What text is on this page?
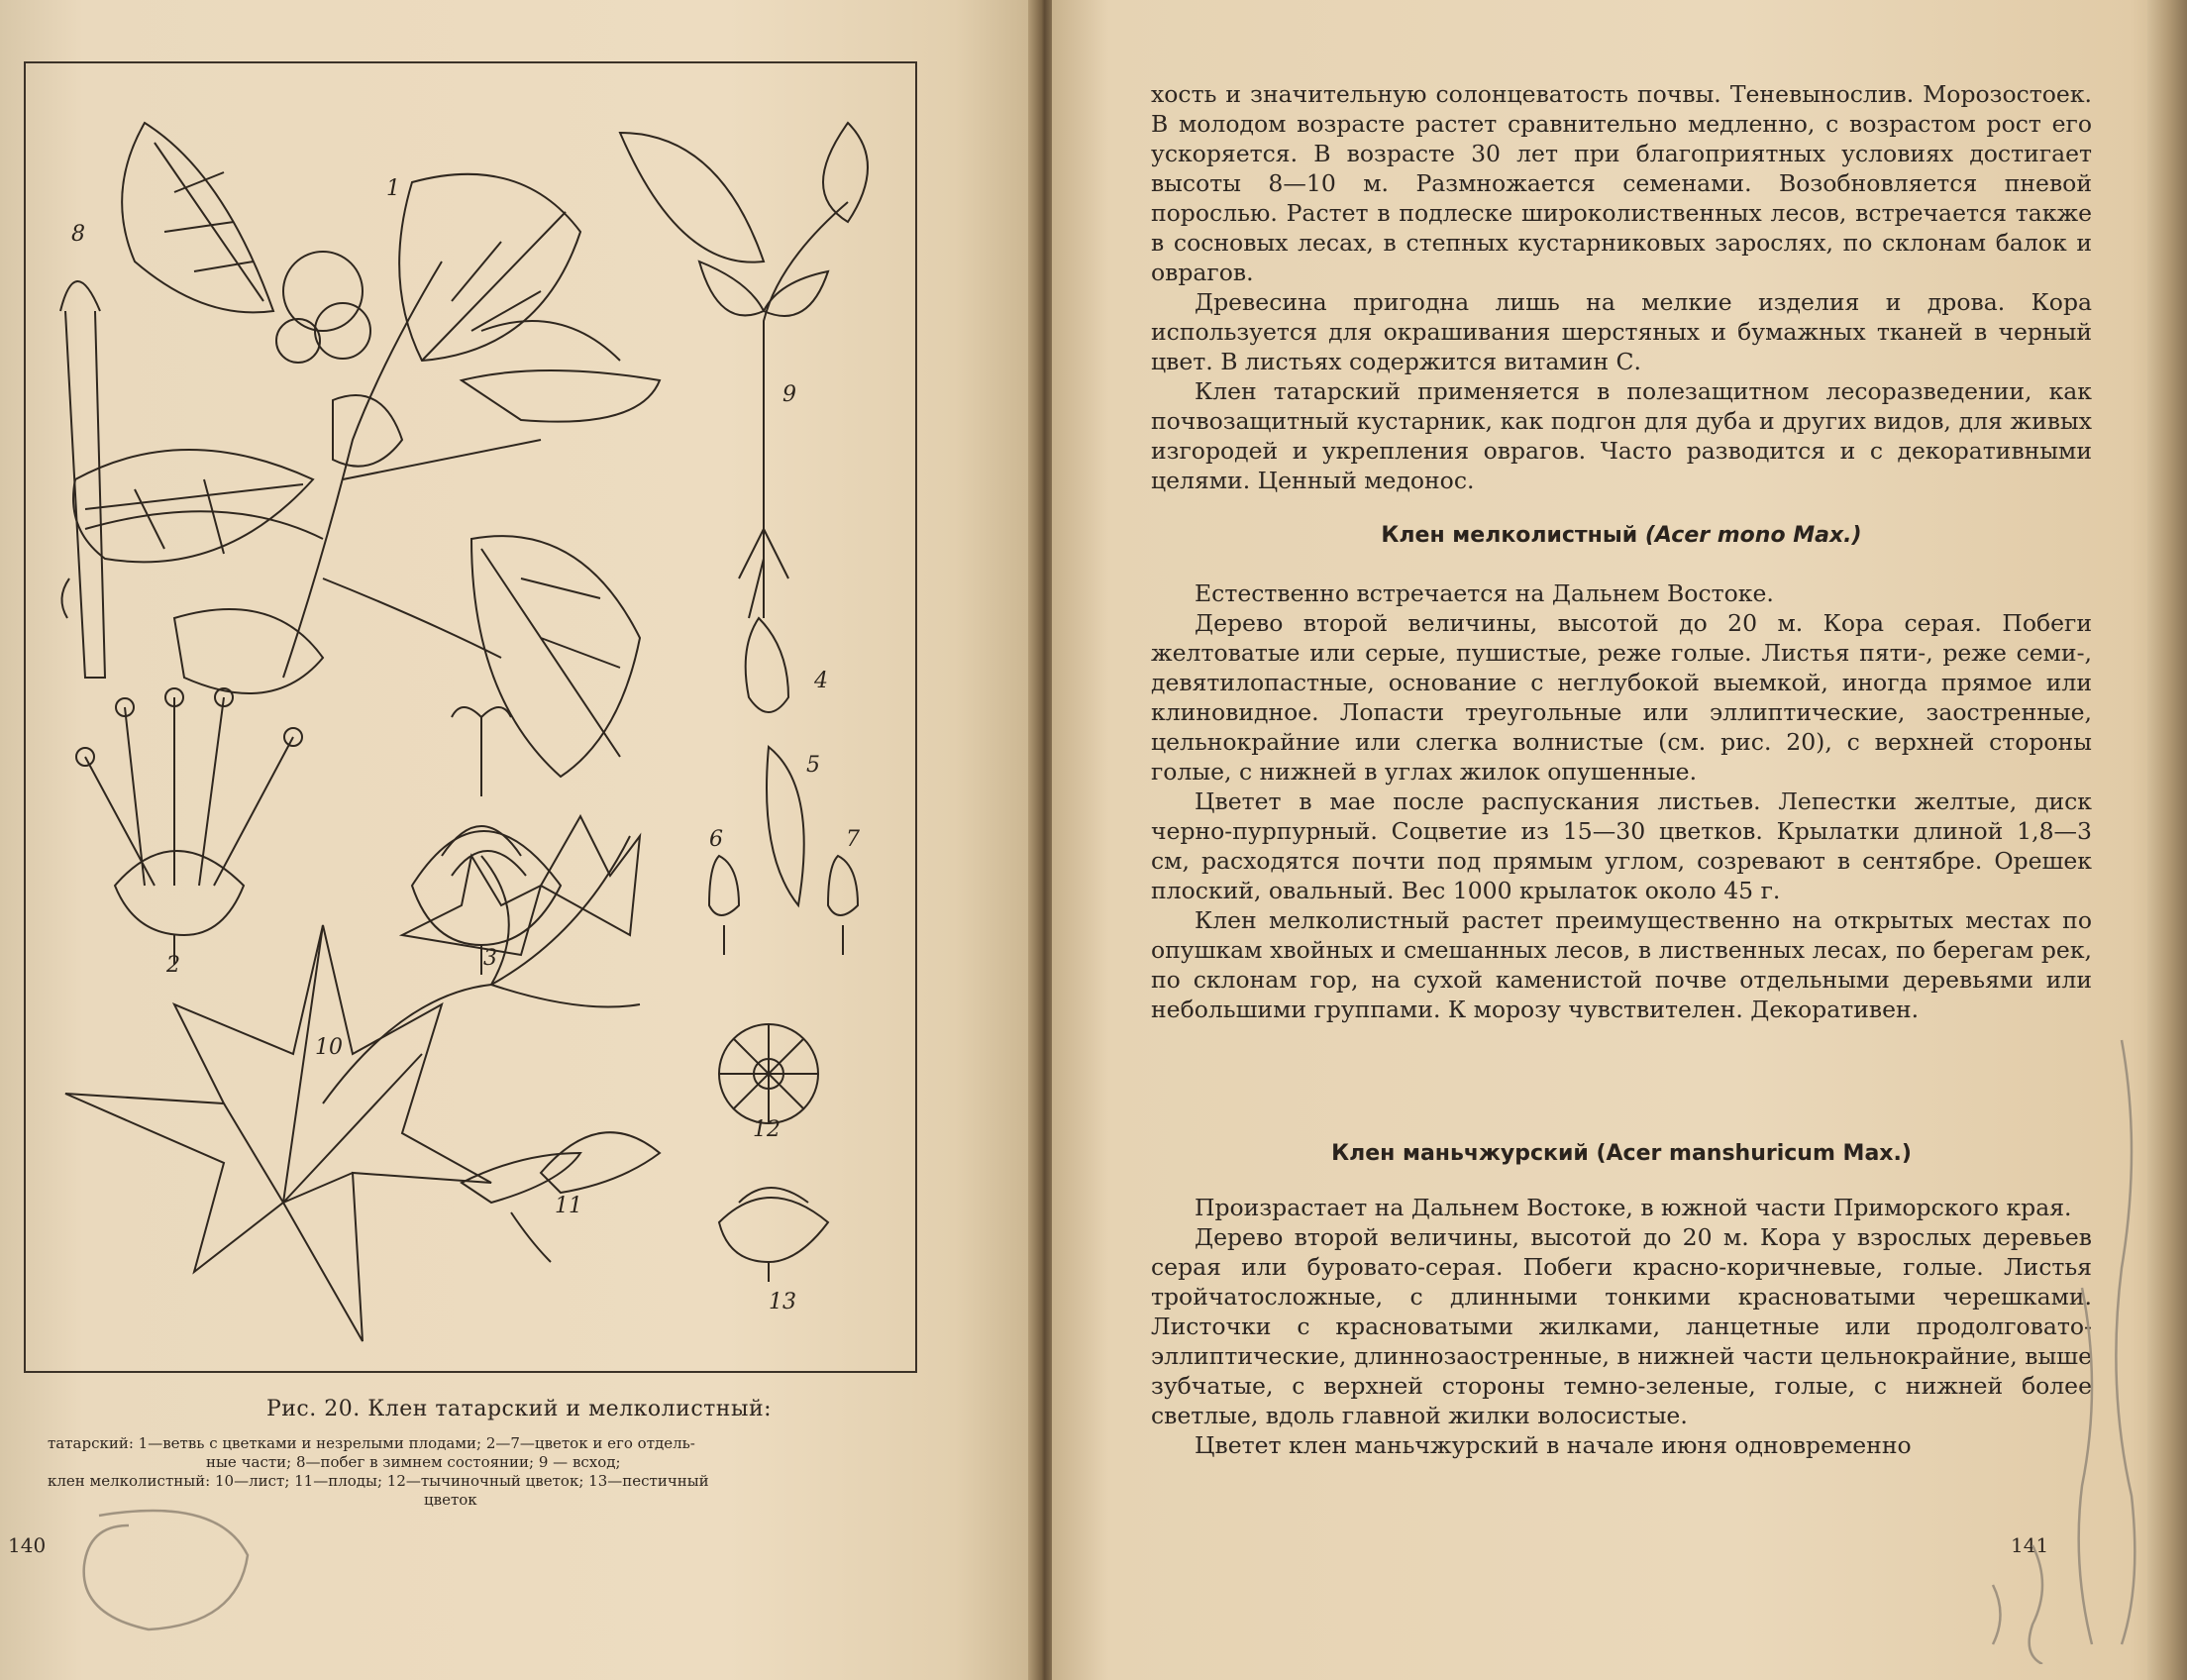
1
2	3
4
5
6	7
8
9
10
11
12
13
Рис. 20. Клен татарский и мелколистный:
татарский: 1—ветвь с цветками и незрелыми плодами; 2—7—цветок и его отдель-
ные части; 8—побег в зимнем состоянии; 9 — всход;
клен мелколистный: 10—лист; 11—плоды; 12—тычиночный цветок; 13—пестичный
цветок
140

хость и значительную солонцеватость почвы. Теневынослив. Морозостоек. В молодом возрасте растет сравнительно медленно, с возрастом рост его ускоряется. В возрасте 30 лет при благоприятных условиях достигает высоты 8—10 м. Размножается семенами. Возобновляется пневой порослью. Растет в подлеске широколиственных лесов, встречается также в сосновых лесах, в степных кустарниковых зарослях, по склонам балок и оврагов.

Древесина пригодна лишь на мелкие изделия и дрова. Кора используется для окрашивания шерстяных и бумажных тканей в черный цвет. В листьях содержится витамин С.

Клен татарский применяется в полезащитном лесоразведении, как почвозащитный кустарник, как подгон для дуба и других видов, для живых изгородей и укрепления оврагов. Часто разводится и с декоративными целями. Ценный медонос.

Клен мелколистный (Acer mono Max.)

Естественно встречается на Дальнем Востоке.

Дерево второй величины, высотой до 20 м. Кора серая. Побеги желтоватые или серые, пушистые, реже голые. Листья пяти-, реже семи-, девятилопастные, основание с неглубокой выемкой, иногда прямое или клиновидное. Лопасти треугольные или эллиптические, заостренные, цельнокрайние или слегка волнистые (см. рис. 20), с верхней стороны голые, с нижней в углах жилок опушенные.

Цветет в мае после распускания листьев. Лепестки желтые, диск черно-пурпурный. Соцветие из 15—30 цветков. Крылатки длиной 1,8—3 см, расходятся почти под прямым углом, созревают в сентябре. Орешек плоский, овальный. Вес 1000 крылаток около 45 г.

Клен мелколистный растет преимущественно на открытых местах по опушкам хвойных и смешанных лесов, в лиственных лесах, по берегам рек, по склонам гор, на сухой каменистой почве отдельными деревьями или небольшими группами. К морозу чувствителен. Декоративен.

Клен маньчжурский (Acer manshuricum Max.)

Произрастает на Дальнем Востоке, в южной части Приморского края.

Дерево второй величины, высотой до 20 м. Кора у взрослых деревьев серая или буровато-серая. Побеги красно-коричневые, голые. Листья тройчатосложные, с длинными тонкими красноватыми черешками. Листочки с красноватыми жилками, ланцетные или продолговато-эллиптические, длиннозаостренные, в нижней части цельнокрайние, выше зубчатые, с верхней стороны темно-зеленые, голые, с нижней более светлые, вдоль главной жилки волосистые.

Цветет клен маньчжурский в начале июня одновременно

141
